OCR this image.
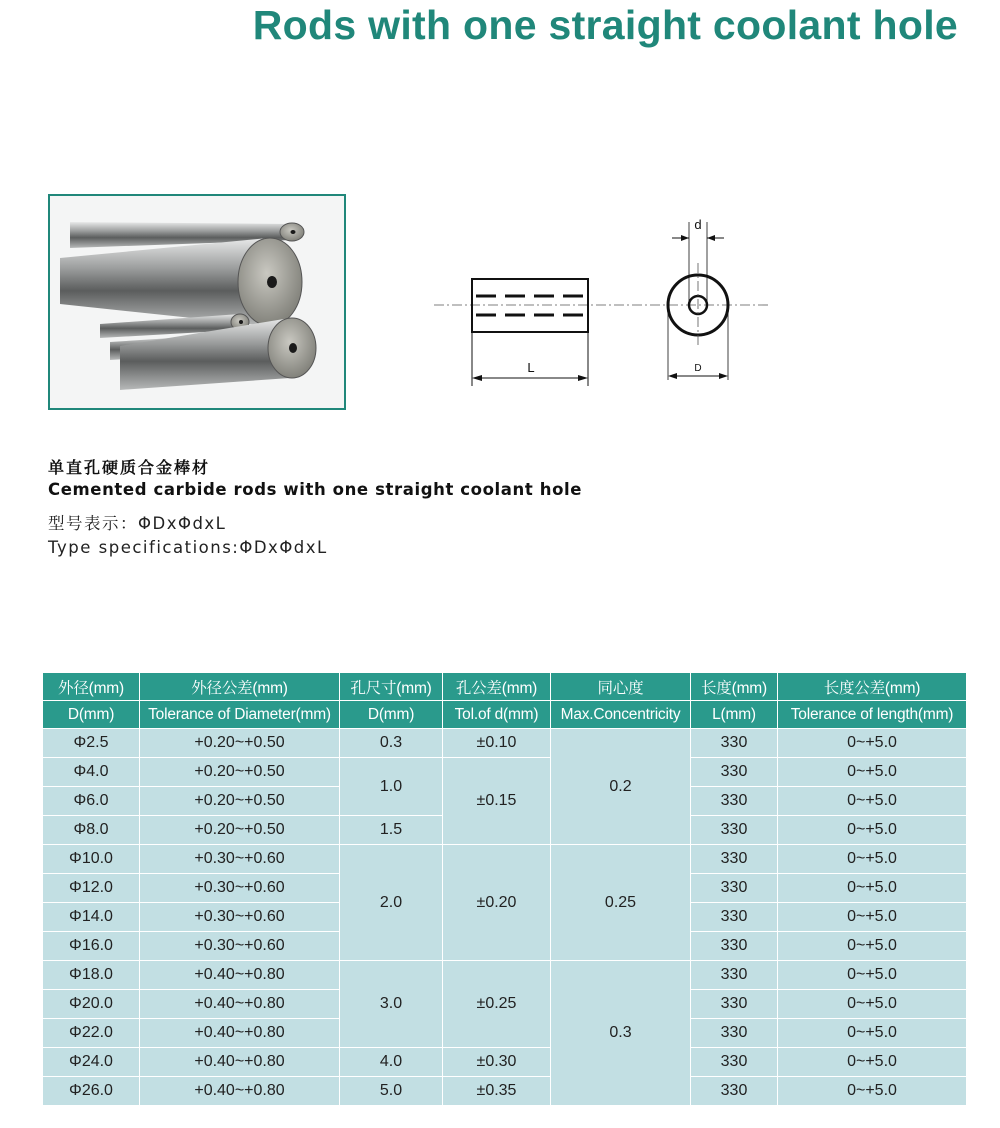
Rods with one straight coolant hole
L
d
D
单直孔硬质合金棒材
Cemented carbide rods with one straight coolant hole
型号表示：ΦDxΦdxL
Type specifications:ΦDxΦdxL
外径(mm)	外径公差(mm)	孔尺寸(mm)	孔公差(mm)	同心度	长度(mm)	长度公差(mm)
D(mm)	Tolerance of Diameter(mm)	D(mm)	Tol.of d(mm)	Max.Concentricity	L(mm)	Tolerance of length(mm)
Φ2.5	+0.20~+0.50	0.3	±0.10	0.2	330	0~+5.0
Φ4.0	+0.20~+0.50	1.0	±0.15		330	0~+5.0
Φ6.0	+0.20~+0.50				330	0~+5.0
Φ8.0	+0.20~+0.50	1.5			330	0~+5.0
Φ10.0	+0.30~+0.60	2.0	±0.20	0.25	330	0~+5.0
Φ12.0	+0.30~+0.60				330	0~+5.0
Φ14.0	+0.30~+0.60				330	0~+5.0
Φ16.0	+0.30~+0.60				330	0~+5.0
Φ18.0	+0.40~+0.80	3.0	±0.25	0.3	330	0~+5.0
Φ20.0	+0.40~+0.80				330	0~+5.0
Φ22.0	+0.40~+0.80				330	0~+5.0
Φ24.0	+0.40~+0.80	4.0	±0.30		330	0~+5.0
Φ26.0	+0.40~+0.80	5.0	±0.35		330	0~+5.0
